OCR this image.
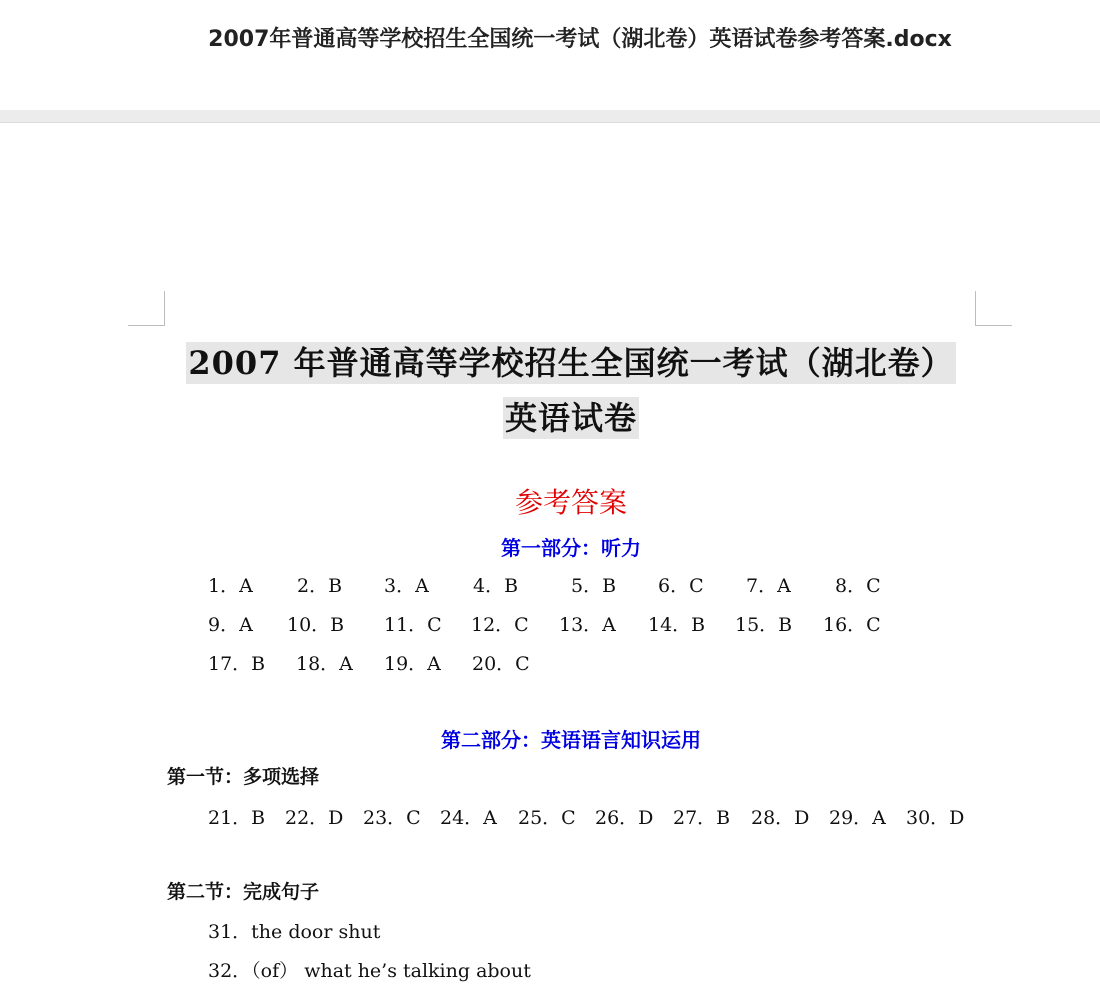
2007年普通高等学校招生全国统一考试（湖北卷）英语试卷参考答案.docx
2007 年普通高等学校招生全国统一考试（湖北卷）
英语试卷
参考答案
第一部分：听力
1．A 2．B 3．A 4．B	5．B 6．C 7．A 8．C
9．A 10．B 11．C 12．C 13．A 14．B 15．B 16．C
17．B 18．A 19．A 20．C
第二部分：英语语言知识运用
第一节：多项选择
21．B 22．D 23．C 24．A 25．C 26．D 27．B 28．D 29．A 30．D
第二节：完成句子
31．the door shut
32．（of） what he’s talking about
